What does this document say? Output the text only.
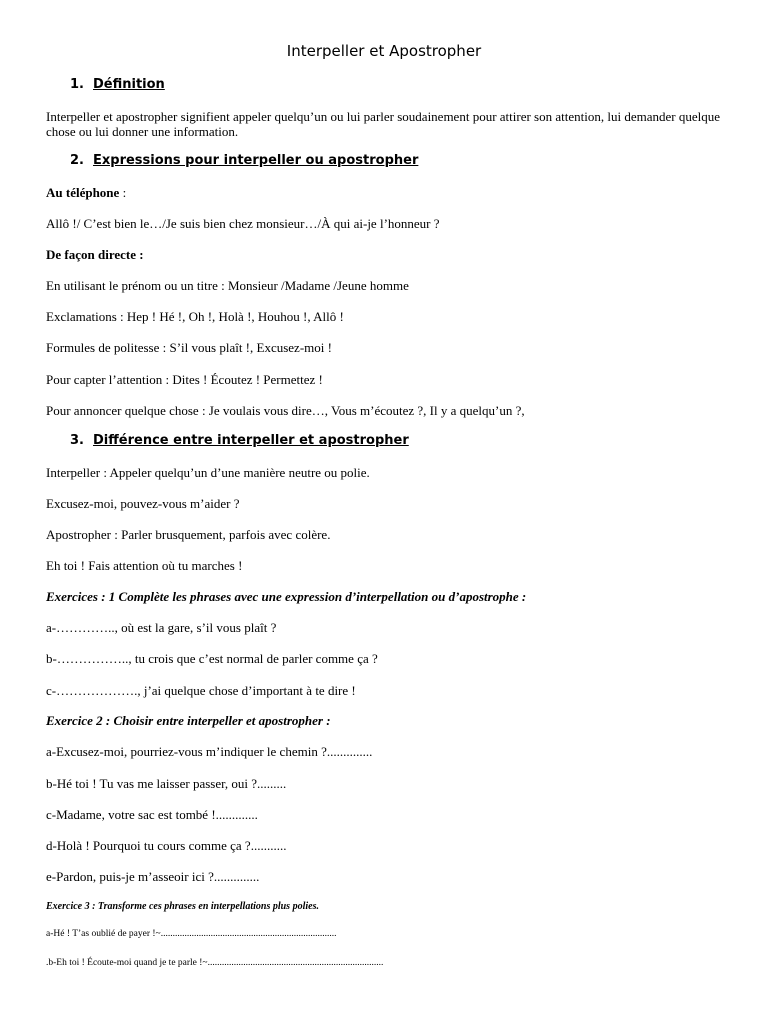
Interpeller et Apostropher
1. Définition
Interpeller et apostropher signifient appeler quelqu’un ou lui parler soudainement pour attirer son attention, lui demander quelque chose ou lui donner une information.
2. Expressions pour interpeller ou apostropher
Au téléphone :
Allô !/ C’est bien le…/Je suis bien chez monsieur…/À qui ai-je l’honneur ?
De façon directe :
En utilisant le prénom ou un titre : Monsieur /Madame /Jeune homme
Exclamations : Hep ! Hé !, Oh !, Holà !, Houhou !, Allô !
Formules de politesse : S’il vous plaît !, Excusez-moi !
Pour capter l’attention : Dites ! Écoutez ! Permettez !
Pour annoncer quelque chose : Je voulais vous dire…, Vous m’écoutez ?, Il y a quelqu’un ?,
3. Différence entre interpeller et apostropher
Interpeller : Appeler quelqu’un d’une manière neutre ou polie.
Excusez-moi, pouvez-vous m’aider ?
Apostropher : Parler brusquement, parfois avec colère.
Eh toi ! Fais attention où tu marches !
Exercices : 1 Complète les phrases avec une expression d’interpellation ou d’apostrophe :
a-………….., où est la gare, s’il vous plaît ?
b-…………….., tu crois que c’est normal de parler comme ça ?
c-………………., j’ai quelque chose d’important à te dire !
Exercice 2 : Choisir entre interpeller et apostropher :
a-Excusez-moi, pourriez-vous m’indiquer le chemin ?..............
b-Hé toi ! Tu vas me laisser passer, oui ?.........
c-Madame, votre sac est tombé !.............
d-Holà ! Pourquoi tu cours comme ça ?...........
e-Pardon, puis-je m’asseoir ici ?..............
Exercice 3 : Transforme ces phrases en interpellations plus polies.
a-Hé ! T’as oublié de payer !~..........................................................................
.b-Eh toi ! Écoute-moi quand je te parle !~..........................................................................
